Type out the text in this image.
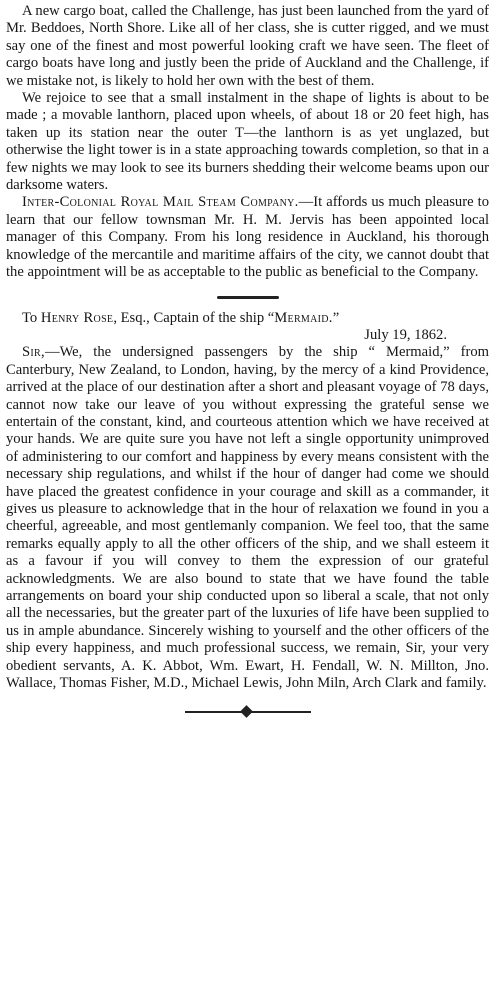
A new cargo boat, called the Challenge, has just been launched from the yard of Mr. Beddoes, North Shore. Like all of her class, she is cutter rigged, and we must say one of the finest and most powerful looking craft we have seen. The fleet of cargo boats have long and justly been the pride of Auckland and the Challenge, if we mistake not, is likely to hold her own with the best of them.

We rejoice to see that a small instalment in the shape of lights is about to be made ; a movable lanthorn, placed upon wheels, of about 18 or 20 feet high, has taken up its station near the outer T—the lanthorn is as yet unglazed, but otherwise the light tower is in a state approaching towards completion, so that in a few nights we may look to see its burners shedding their welcome beams upon our darksome waters.

Inter-Colonial Royal Mail Steam Company.—It affords us much pleasure to learn that our fellow townsman Mr. H. M. Jervis has been appointed local manager of this Company. From his long residence in Auckland, his thorough knowledge of the mercantile and maritime affairs of the city, we cannot doubt that the appointment will be as acceptable to the public as beneficial to the Company.

To Henry Rose, Esq., Captain of the ship “Mermaid.”

July 19, 1862.

Sir,—We, the undersigned passengers by the ship “ Mermaid,” from Canterbury, New Zealand, to London, having, by the mercy of a kind Providence, arrived at the place of our destination after a short and pleasant voyage of 78 days, cannot now take our leave of you without expressing the grateful sense we entertain of the constant, kind, and courteous attention which we have received at your hands. We are quite sure you have not left a single opportunity unimproved of administering to our comfort and happiness by every means consistent with the necessary ship regulations, and whilst if the hour of danger had come we should have placed the greatest confidence in your courage and skill as a commander, it gives us pleasure to acknowledge that in the hour of relaxation we found in you a cheerful, agreeable, and most gentlemanly companion. We feel too, that the same remarks equally apply to all the other officers of the ship, and we shall esteem it as a favour if you will convey to them the expression of our grateful acknowledgments. We are also bound to state that we have found the table arrangements on board your ship conducted upon so liberal a scale, that not only all the necessaries, but the greater part of the luxuries of life have been supplied to us in ample abundance. Sincerely wishing to yourself and the other officers of the ship every happiness, and much professional success, we remain, Sir, your very obedient servants, A. K. Abbot, Wm. Ewart, H. Fendall, W. N. Millton, Jno. Wallace, Thomas Fisher, M.D., Michael Lewis, John Miln, Arch Clark and family.
